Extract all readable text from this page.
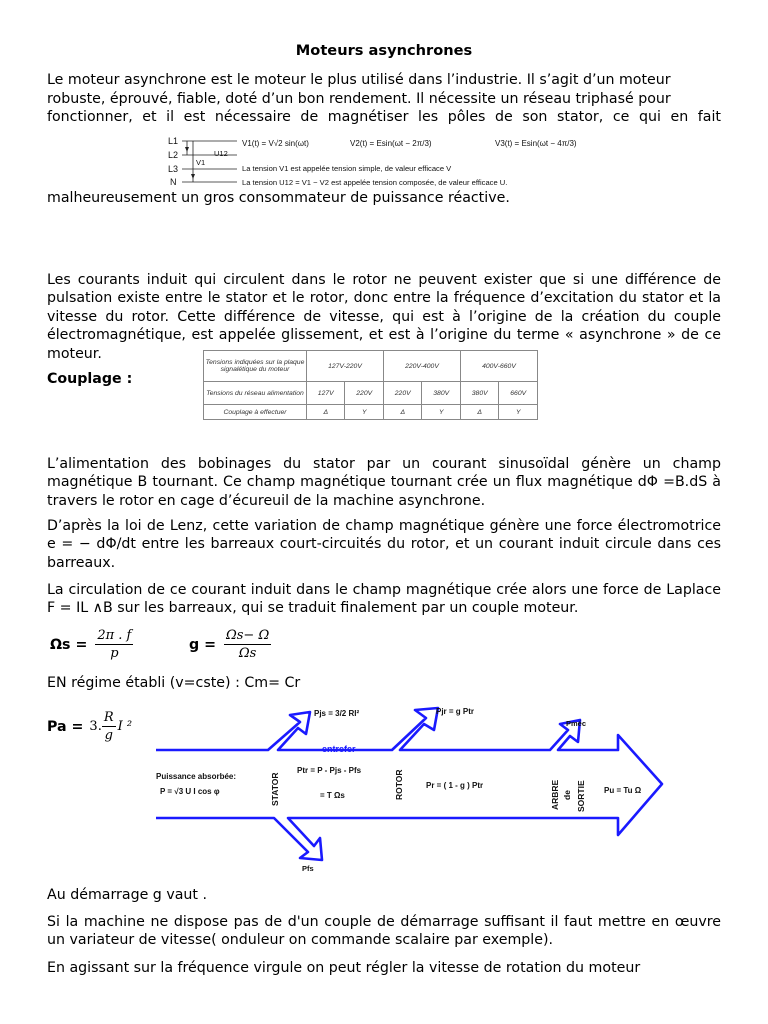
Moteurs asynchrones

Le moteur asynchrone est le moteur le plus utilisé dans l’industrie. Il s’agit d’un moteur

robuste, éprouvé, fiable, doté d’un bon rendement. Il nécessite un réseau triphasé pour

fonctionner, et il est nécessaire de magnétiser les pôles de son stator, ce qui en fait

L1
L2
L3
N
U12
V1
V1(t) = V√2 sin(ωt)	V2(t) = Esin(ωt − 2π/3)	V3(t) = Esin(ωt − 4π/3)
La tension V1 est appelée tension simple, de valeur efficace V
La tension U12 = V1 − V2 est appelée tension composée, de valeur efficace U.

malheureusement un gros consommateur de puissance réactive.

Les courants induit qui circulent dans le rotor ne peuvent exister que si une différence de pulsation existe entre le stator et le rotor, donc entre la fréquence d’excitation du stator et la vitesse du rotor. Cette différence de vitesse, qui est à l’origine de la création du couple électromagnétique, est appelée glissement, et est à l’origine du terme « asynchrone » de ce moteur.

Couplage :
Tensions indiquées sur la plaque signalétique du moteur	127V-220V		220V-400V		400V-660V	
Tensions du réseau alimentation	127V	220V	220V	380V	380V	660V
Couplage à effectuer	Δ	Y	Δ	Y	Δ	Y

L’alimentation des bobinages du stator par un courant sinusoïdal génère un champ magnétique B tournant. Ce champ magnétique tournant crée un flux magnétique dΦ =B.dS à travers le rotor en cage d’écureuil de la machine asynchrone.

D’après la loi de Lenz, cette variation de champ magnétique génère une force électromotrice e = − dΦ/dt entre les barreaux court-circuités du rotor, et un courant induit circule dans ces barreaux.

La circulation de ce courant induit dans le champ magnétique crée alors une force de Laplace F = IL ∧B sur les barreaux, qui se traduit finalement par un couple moteur.

$\Omega s = \frac{2\pi . f}{p}$	$g = \frac{\Omega s- \Omega}{\Omega s}$
EN régime établi (v=cste) : Cm= Cr
Pa = 3. $\frac{R}{g}$ I ²
Pjs = 3/2 RI²	Pjr = g Ptr
Pméc
entrefer
Puissance absorbée:
P = √3 U I cos φ
Ptr = P - Pjs - Pfs
= T Ωs
Pr = ( 1 - g ) Ptr
Pu = Tu Ω
Pfs
STATOR	ROTOR	ARBRE de SORTIE

Au démarrage g vaut .

Si la machine ne dispose pas de d'un couple de démarrage suffisant il faut mettre en œuvre un variateur de vitesse( onduleur on commande scalaire par exemple).

En agissant sur la fréquence virgule on peut régler la vitesse de rotation du moteur
